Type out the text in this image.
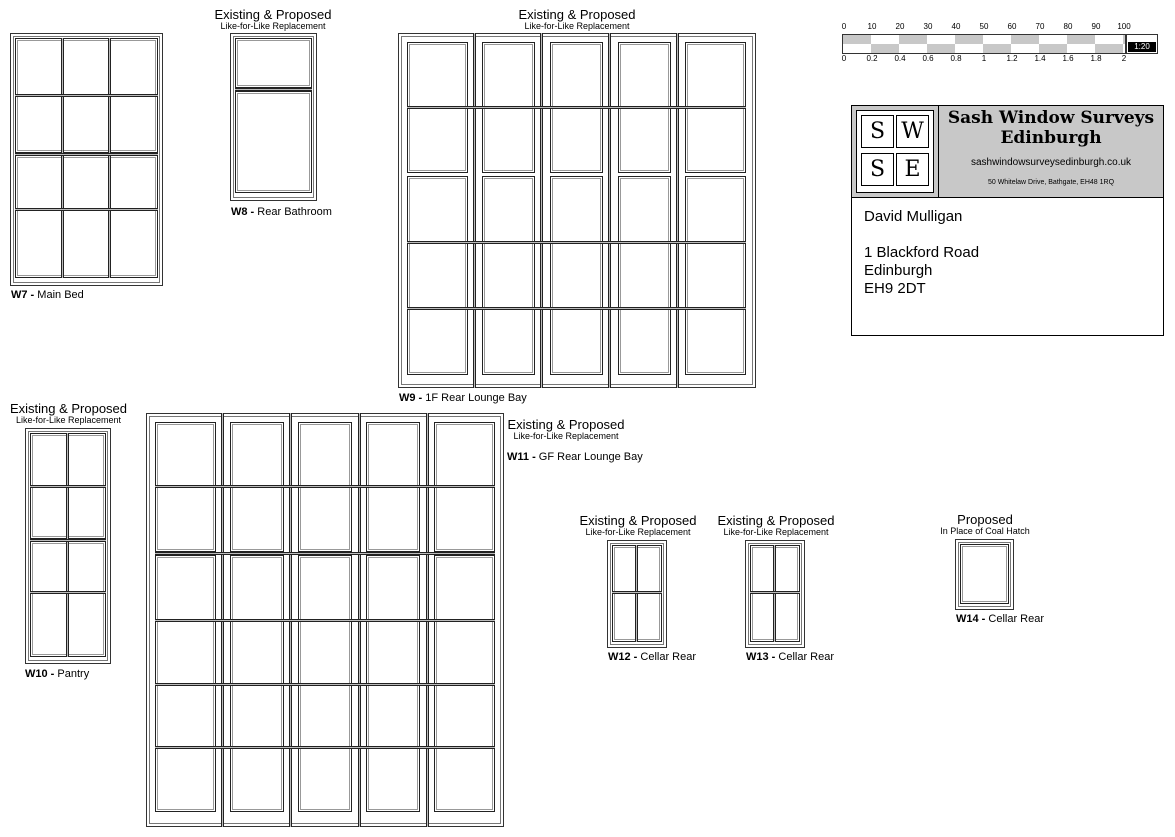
W7 - Main Bed
Existing & Proposed
Like-for-Like Replacement
W8 - Rear Bathroom
Existing & Proposed
Like-for-Like Replacement
W9 - 1F Rear Lounge Bay
0	10 20 30 40 50 60 70 80 90 100
1:20
0	0.2 0.4 0.6 0.8	1	1.2 1.4 1.6 1.8	2
S W
S E
Sash Window Surveys
Edinburgh
sashwindowsurveysedinburgh.co.uk
50 Whitelaw Drive, Bathgate, EH48 1RQ
David Mulligan
1 Blackford Road
Edinburgh
EH9 2DT
Existing & Proposed
Like-for-Like Replacement
W10 - Pantry
Existing & Proposed
Like-for-Like Replacement
W11 - GF Rear Lounge Bay
Existing & Proposed
Like-for-Like Replacement
W12 - Cellar Rear
Existing & Proposed
Like-for-Like Replacement
W13 - Cellar Rear
Proposed
In Place of Coal Hatch
W14 - Cellar Rear
